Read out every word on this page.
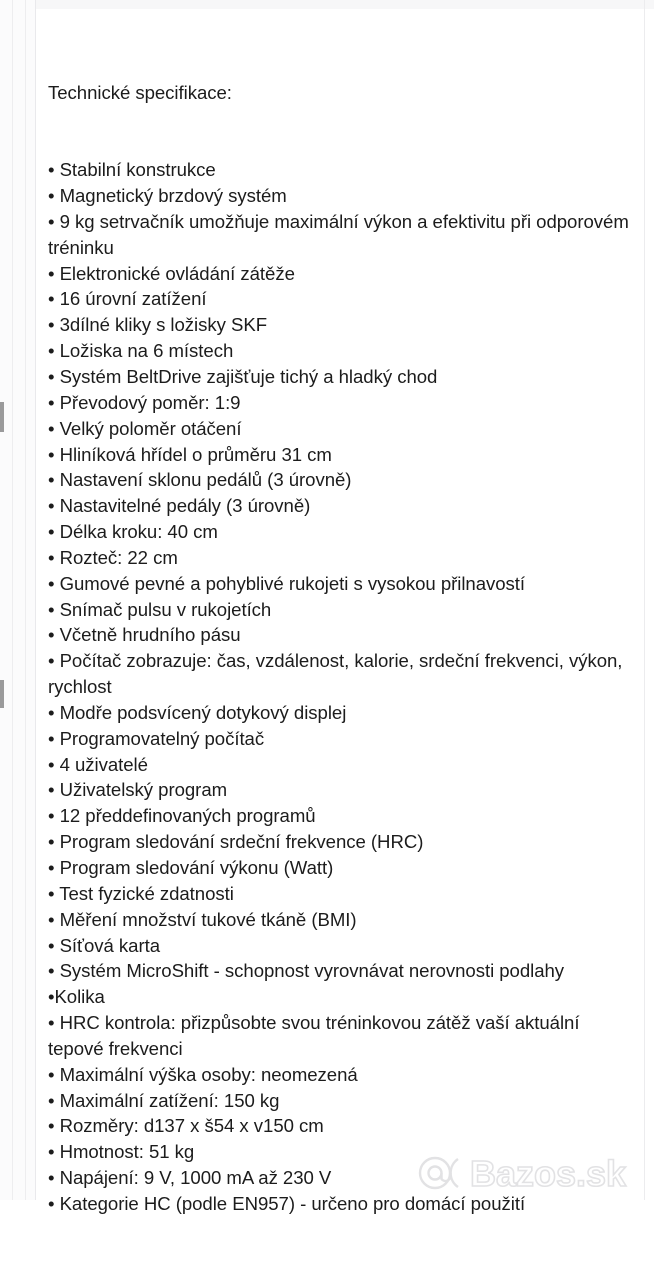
Technické specifikace:

• Stabilní konstrukce
• Magnetický brzdový systém
• 9 kg setrvačník umožňuje maximální výkon a efektivitu při odporovém tréninku
• Elektronické ovládání zátěže
• 16 úrovní zatížení
• 3dílné kliky s ložisky SKF
• Ložiska na 6 místech
• Systém BeltDrive zajišťuje tichý a hladký chod
• Převodový poměr: 1:9
• Velký poloměr otáčení
• Hliníková hřídel o průměru 31 cm
• Nastavení sklonu pedálů (3 úrovně)
• Nastavitelné pedály (3 úrovně)
• Délka kroku: 40 cm
• Rozteč: 22 cm
• Gumové pevné a pohyblivé rukojeti s vysokou přilnavostí
• Snímač pulsu v rukojetích
• Včetně hrudního pásu
• Počítač zobrazuje: čas, vzdálenost, kalorie, srdeční frekvenci, výkon, rychlost
• Modře podsvícený dotykový displej
• Programovatelný počítač
• 4 uživatelé
• Uživatelský program
• 12 předdefinovaných programů
• Program sledování srdeční frekvence (HRC)
• Program sledování výkonu (Watt)
• Test fyzické zdatnosti
• Měření množství tukové tkáně (BMI)
• Síťová karta
• Systém MicroShift - schopnost vyrovnávat nerovnosti podlahy
•Kolika
• HRC kontrola: přizpůsobte svou tréninkovou zátěž vaší aktuální tepové frekvenci
• Maximální výška osoby: neomezená
• Maximální zatížení: 150 kg
• Rozměry: d137 x š54 x v150 cm
• Hmotnost: 51 kg
• Napájení: 9 V, 1000 mA až 230 V
• Kategorie HC (podle EN957) - určeno pro domácí použití

Bazos.sk
